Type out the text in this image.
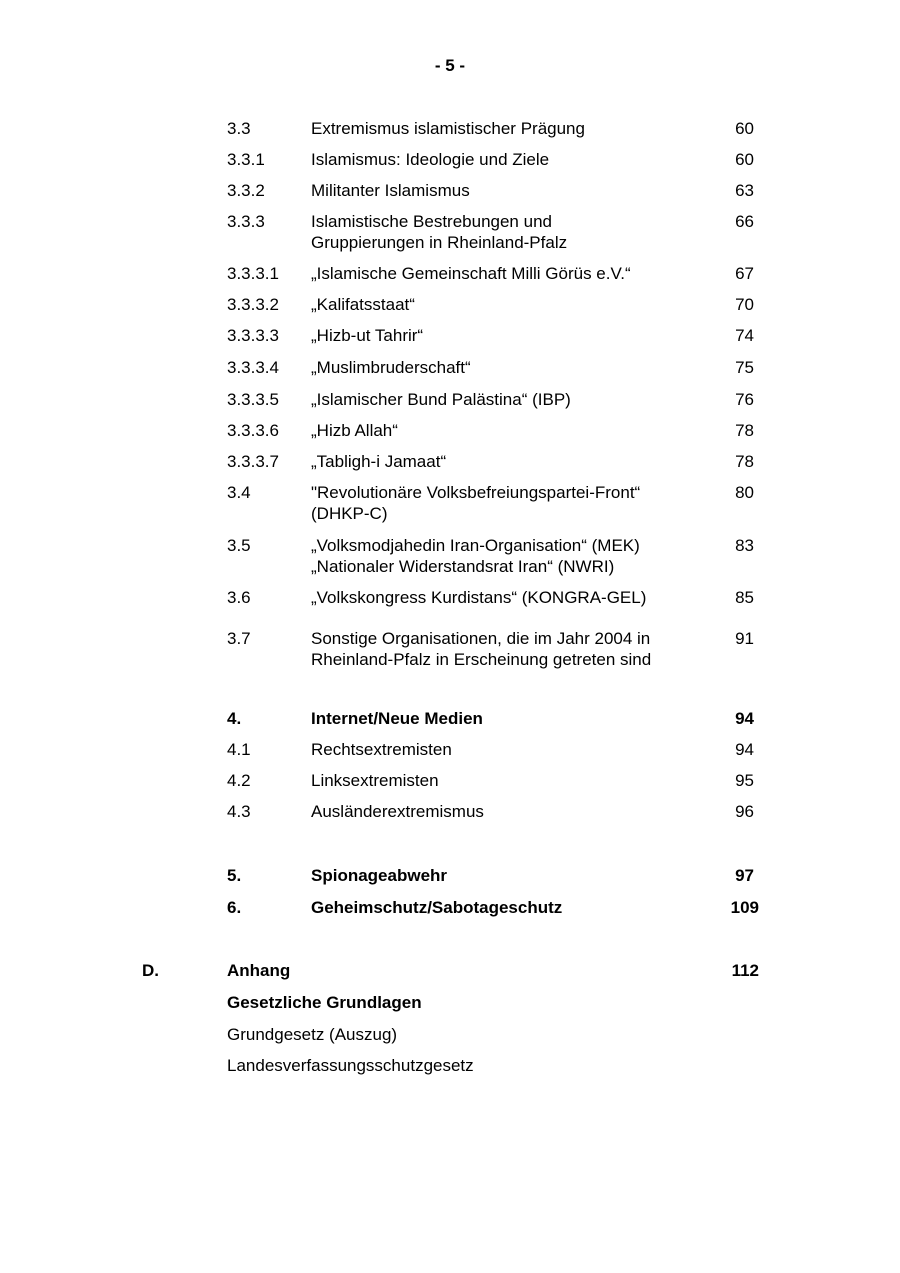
- 5 -
3.3	Extremismus islamistischer Prägung	60
3.3.1	Islamismus: Ideologie und Ziele	60
3.3.2	Militanter Islamismus	63
3.3.3	Islamistische Bestrebungen und
Gruppierungen in Rheinland-Pfalz
66
3.3.3.1 „Islamische Gemeinschaft Milli Görüs e.V.“	67
3.3.3.2 „Kalifatsstaat“	70
3.3.3.3 „Hizb-ut Tahrir“	74
3.3.3.4 „Muslimbruderschaft“	75
3.3.3.5 „Islamischer Bund Palästina“ (IBP)	76
3.3.3.6 „Hizb Allah“	78
3.3.3.7 „Tabligh-i Jamaat“	78
3.4	"Revolutionäre Volksbefreiungspartei-Front“
(DHKP-C)
80
3.5	„Volksmodjahedin Iran-Organisation“ (MEK)
„Nationaler Widerstandsrat Iran“ (NWRI)
83
3.6	„Volkskongress Kurdistans“ (KONGRA-GEL)	85
3.7	Sonstige Organisationen, die im Jahr 2004 in
Rheinland-Pfalz in Erscheinung getreten sind
91
4.	Internet/Neue Medien	94
4.1	Rechtsextremisten	94
4.2	Linksextremisten	95
4.3	Ausländerextremismus	96
5.	Spionageabwehr	97
6.	Geheimschutz/Sabotageschutz	109
D.	Anhang	112
Gesetzliche Grundlagen
Grundgesetz (Auszug)
Landesverfassungsschutzgesetz
